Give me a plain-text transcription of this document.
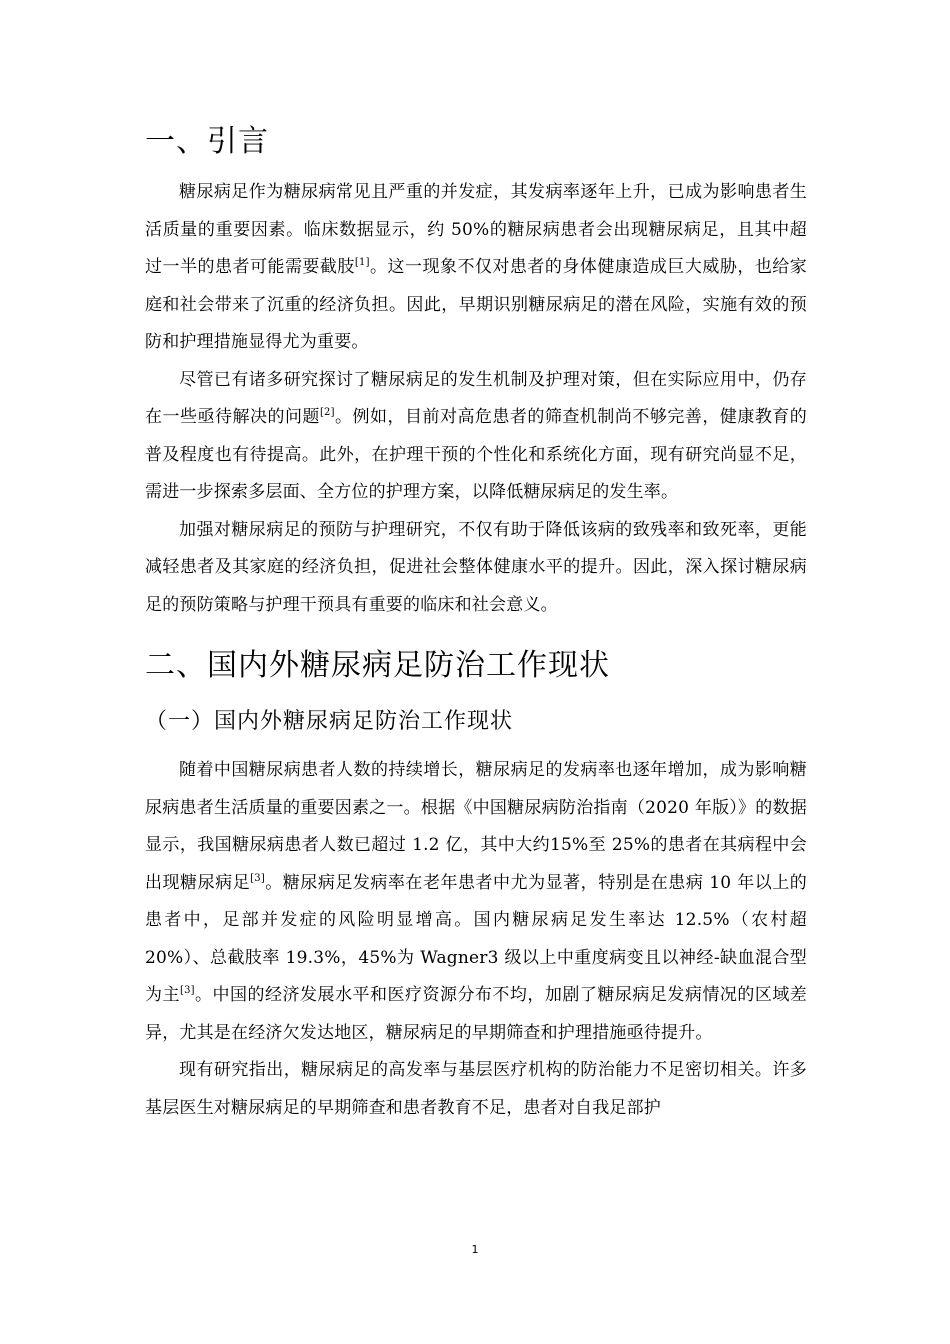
一、引言

糖尿病足作为糖尿病常见且严重的并发症，其发病率逐年上升，已成为影响患者生活质量的重要因素。临床数据显示，约 50%的糖尿病患者会出现糖尿病足，且其中超过一半的患者可能需要截肢[1]。这一现象不仅对患者的身体健康造成巨大威胁，也给家庭和社会带来了沉重的经济负担。因此，早期识别糖尿病足的潜在风险，实施有效的预防和护理措施显得尤为重要。

尽管已有诸多研究探讨了糖尿病足的发生机制及护理对策，但在实际应用中，仍存在一些亟待解决的问题[2]。例如，目前对高危患者的筛查机制尚不够完善，健康教育的普及程度也有待提高。此外，在护理干预的个性化和系统化方面，现有研究尚显不足，需进一步探索多层面、全方位的护理方案，以降低糖尿病足的发生率。

加强对糖尿病足的预防与护理研究，不仅有助于降低该病的致残率和致死率，更能减轻患者及其家庭的经济负担，促进社会整体健康水平的提升。因此，深入探讨糖尿病足的预防策略与护理干预具有重要的临床和社会意义。

二、国内外糖尿病足防治工作现状
（一）国内外糖尿病足防治工作现状

随着中国糖尿病患者人数的持续增长，糖尿病足的发病率也逐年增加，成为影响糖尿病患者生活质量的重要因素之一。根据《中国糖尿病防治指南（2020 年版）》的数据显示，我国糖尿病患者人数已超过 1.2 亿，其中大约15%至 25%的患者在其病程中会出现糖尿病足[3]。糖尿病足发病率在老年患者中尤为显著，特别是在患病 10 年以上的患者中，足部并发症的风险明显增高。国内糖尿病足发生率达 12.5%（农村超 20%）、总截肢率 19.3%，45%为 Wagner3 级以上中重度病变且以神经-缺血混合型为主[3]。中国的经济发展水平和医疗资源分布不均，加剧了糖尿病足发病情况的区域差异，尤其是在经济欠发达地区，糖尿病足的早期筛查和护理措施亟待提升。

现有研究指出，糖尿病足的高发率与基层医疗机构的防治能力不足密切相关。许多基层医生对糖尿病足的早期筛查和患者教育不足，患者对自我足部护

1
